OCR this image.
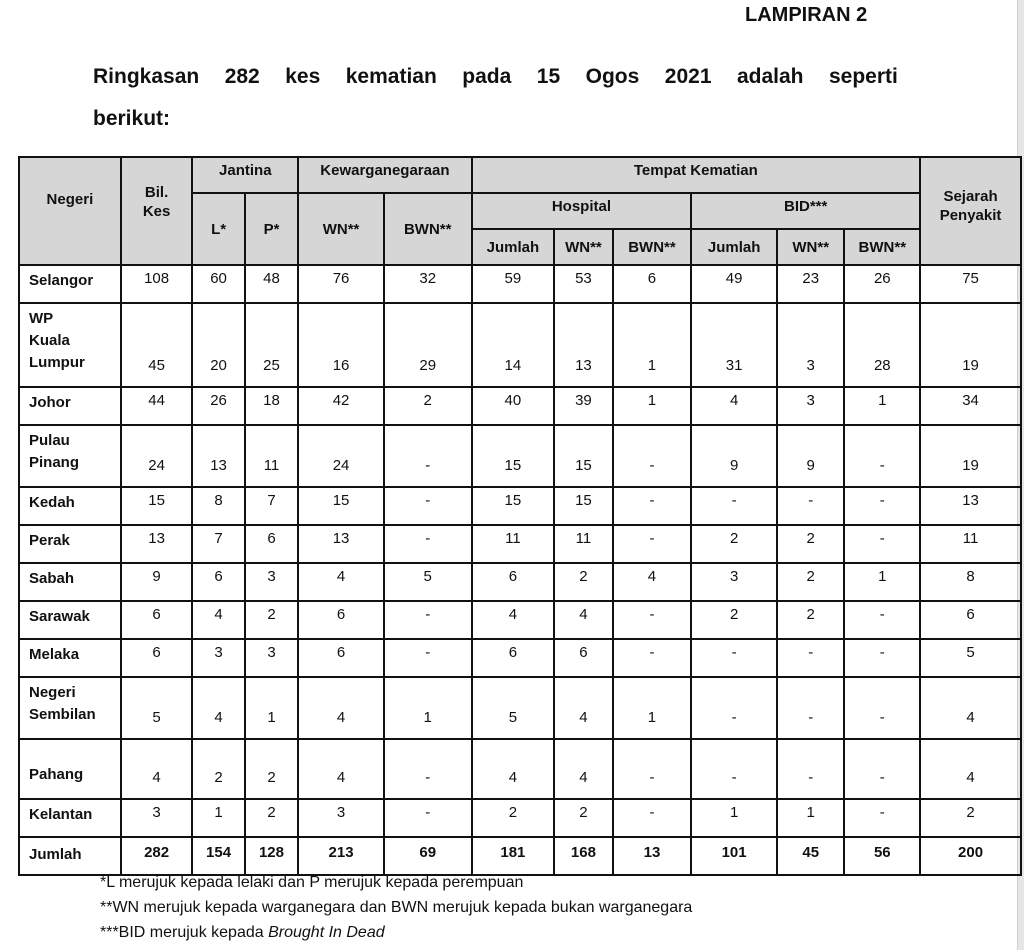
LAMPIRAN 2
Ringkasan 282 kes kematian pada 15 Ogos 2021 adalah seperti
berikut:
Negeri	Bil. Kes	Jantina		Kewarganegaraan		Tempat Kematian						Sejarah Penyakit
		L*	P*	WN**	BWN**	Hospital			BID***			
						Jumlah	WN**	BWN**	Jumlah	WN**	BWN**	

Selangor	108	60	48	76	32	59	53	6	49	23	26	75

WP
Kuala
Lumpur	45	20	25	16	29	14	13	1	31	3	28	19

Johor	44	26	18	42	2	40	39	1	4	3	1	34

Pulau
Pinang	24	13	11	24	-	15	15	-	9	9	-	19

Kedah	15	8	7	15	-	15	15	-	-	-	-	13

Perak	13	7	6	13	-	11	11	-	2	2	-	11

Sabah	9	6	3	4	5	6	2	4	3	2	1	8

Sarawak	6	4	2	6	-	4	4	-	2	2	-	6

Melaka	6	3	3	6	-	6	6	-	-	-	-	5

Negeri
Sembilan	5	4	1	4	1	5	4	1	-	-	-	4

Pahang	4	2	2	4	-	4	4	-	-	-	-	4

Kelantan	3	1	2	3	-	2	2	-	1	1	-	2
Jumlah	282	154	128	213	69	181	168	13	101	45	56	200
*L merujuk kepada lelaki dan P merujuk kepada perempuan
**WN merujuk kepada warganegara dan BWN merujuk kepada bukan warganegara
***BID merujuk kepada Brought In Dead
